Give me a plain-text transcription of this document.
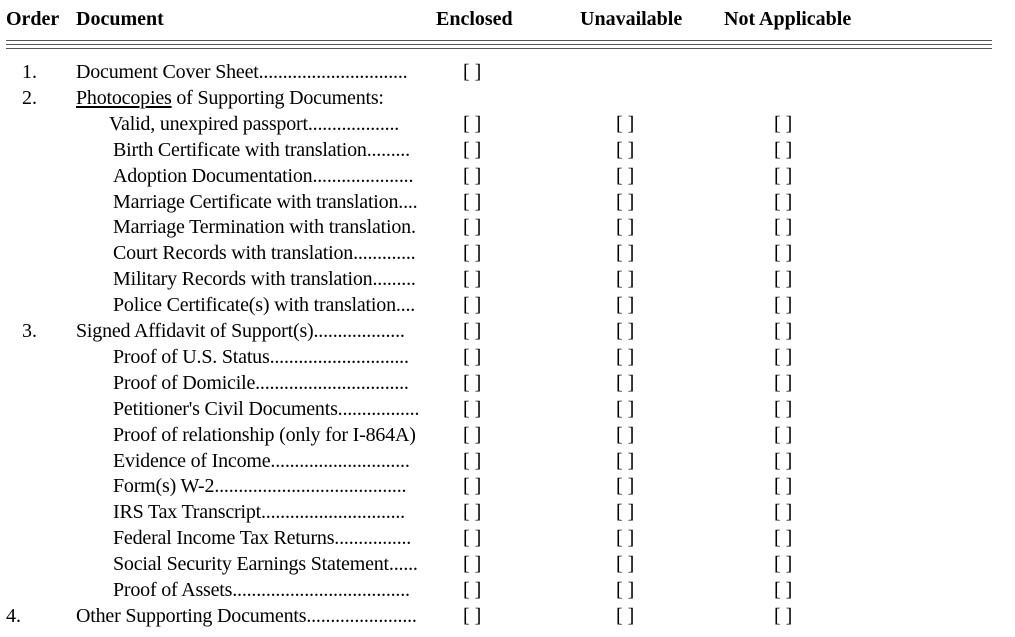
Order Document	Enclosed	Unavailable Not Applicable
1. Document Cover Sheet...............................	[ ]
2. Photocopies of Supporting Documents:
Valid, unexpired passport...................	[ ]	[ ]	[ ]
Birth Certificate with translation.........	[ ]	[ ]	[ ]
Adoption Documentation..................... [ ]	[ ]	[ ]
Marriage Certificate with translation.... [ ]	[ ]	[ ]
Marriage Termination with translation. [ ]	[ ]	[ ]
Court Records with translation............. [ ]	[ ]	[ ]
Military Records with translation......... [ ]	[ ]	[ ]
Police Certificate(s) with translation.... [ ]	[ ]	[ ]
3. Signed Affidavit of Support(s)...................	[ ]	[ ]	[ ]
Proof of U.S. Status.............................	[ ]	[ ]	[ ]
Proof of Domicile................................	[ ]	[ ]	[ ]
Petitioner's Civil Documents................. [ ]	[ ]	[ ]
Proof of relationship (only for I-864A) [ ]	[ ]	[ ]
Evidence of Income.............................	[ ]	[ ]	[ ]
Form(s) W-2........................................	[ ]	[ ]	[ ]
IRS Tax Transcript..............................	[ ]	[ ]	[ ]
Federal Income Tax Returns................	[ ]	[ ]	[ ]
Social Security Earnings Statement...... [ ]	[ ]	[ ]
Proof of Assets.....................................	[ ]	[ ]	[ ]
4.	Other Supporting Documents....................... [ ]	[ ]	[ ]
